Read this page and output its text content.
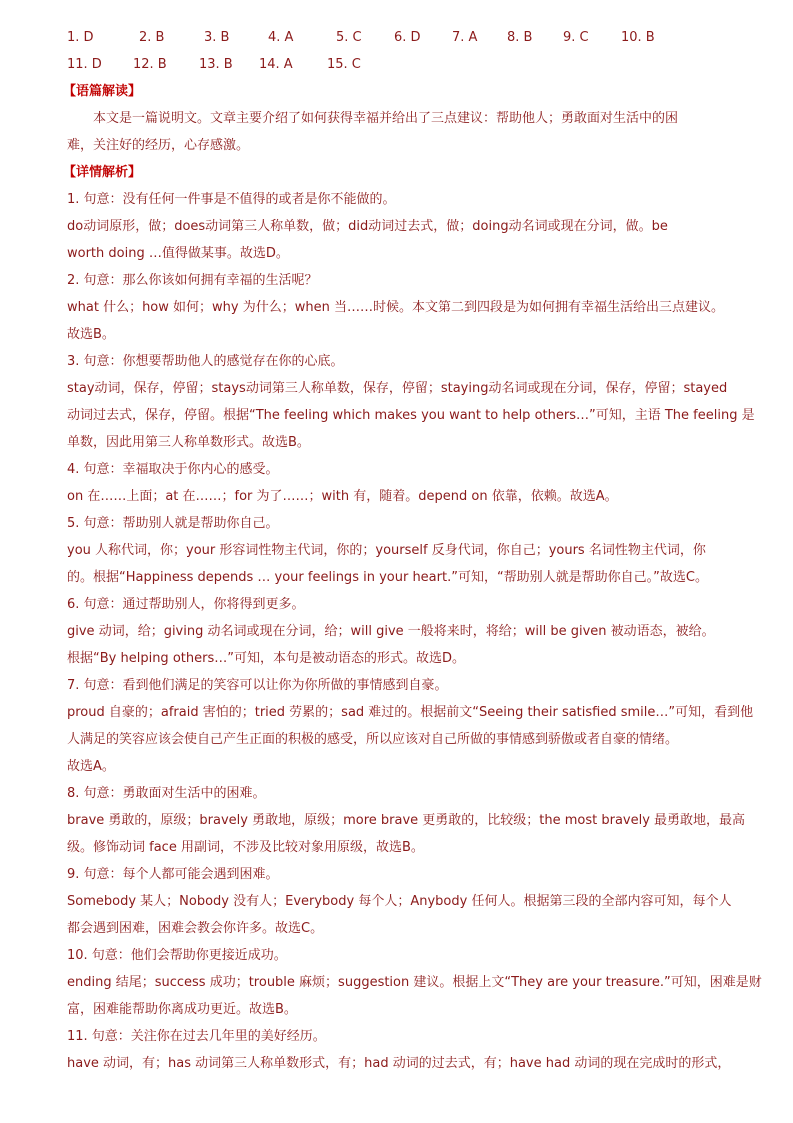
1. D	2. B	3. B	4. A	5. C	6. D	7. A	8. B	9. C	10. B
11. D	12. B	13. B	14. A	15. C
【语篇解读】
本文是一篇说明文。文章主要介绍了如何获得幸福并给出了三点建议：帮助他人；勇敢面对生活中的困
难，关注好的经历，心存感激。
【详情解析】
1. 句意：没有任何一件事是不值得的或者是你不能做的。
do动词原形，做；does动词第三人称单数，做；did动词过去式，做；doing动名词或现在分词，做。be
worth doing …值得做某事。故选D。
2. 句意：那么你该如何拥有幸福的生活呢？
what 什么；how 如何；why 为什么；when 当……时候。本文第二到四段是为如何拥有幸福生活给出三点建议。
故选B。
3. 句意：你想要帮助他人的感觉存在你的心底。
stay动词，保存，停留；stays动词第三人称单数，保存，停留；staying动名词或现在分词，保存，停留；stayed
动词过去式，保存，停留。根据“The feeling which makes you want to help others…”可知，主语 The feeling 是
单数，因此用第三人称单数形式。故选B。
4. 句意：幸福取决于你内心的感受。
on 在……上面；at 在……；for 为了……；with 有，随着。depend on 依靠，依赖。故选A。
5. 句意：帮助别人就是帮助你自己。
you 人称代词，你；your 形容词性物主代词，你的；yourself 反身代词，你自己；yours 名词性物主代词，你
的。根据“Happiness depends … your feelings in your heart.”可知，“帮助别人就是帮助你自己。”故选C。
6. 句意：通过帮助别人，你将得到更多。
give 动词，给；giving 动名词或现在分词，给；will give 一般将来时，将给；will be given 被动语态，被给。
根据“By helping others…”可知，本句是被动语态的形式。故选D。
7. 句意：看到他们满足的笑容可以让你为你所做的事情感到自豪。
proud 自豪的；afraid 害怕的；tried 劳累的；sad 难过的。根据前文“Seeing their satisfied smile…”可知，看到他
人满足的笑容应该会使自己产生正面的积极的感受，所以应该对自己所做的事情感到骄傲或者自豪的情绪。
故选A。
8. 句意：勇敢面对生活中的困难。
brave 勇敢的，原级；bravely 勇敢地，原级；more brave 更勇敢的，比较级；the most bravely 最勇敢地，最高
级。修饰动词 face 用副词，不涉及比较对象用原级，故选B。
9. 句意：每个人都可能会遇到困难。
Somebody 某人；Nobody 没有人；Everybody 每个人；Anybody 任何人。根据第三段的全部内容可知，每个人
都会遇到困难，困难会教会你许多。故选C。
10. 句意：他们会帮助你更接近成功。
ending 结尾；success 成功；trouble 麻烦；suggestion 建议。根据上文“They are your treasure.”可知，困难是财
富，困难能帮助你离成功更近。故选B。
11. 句意：关注你在过去几年里的美好经历。
have 动词，有；has 动词第三人称单数形式，有；had 动词的过去式，有；have had 动词的现在完成时的形式，
